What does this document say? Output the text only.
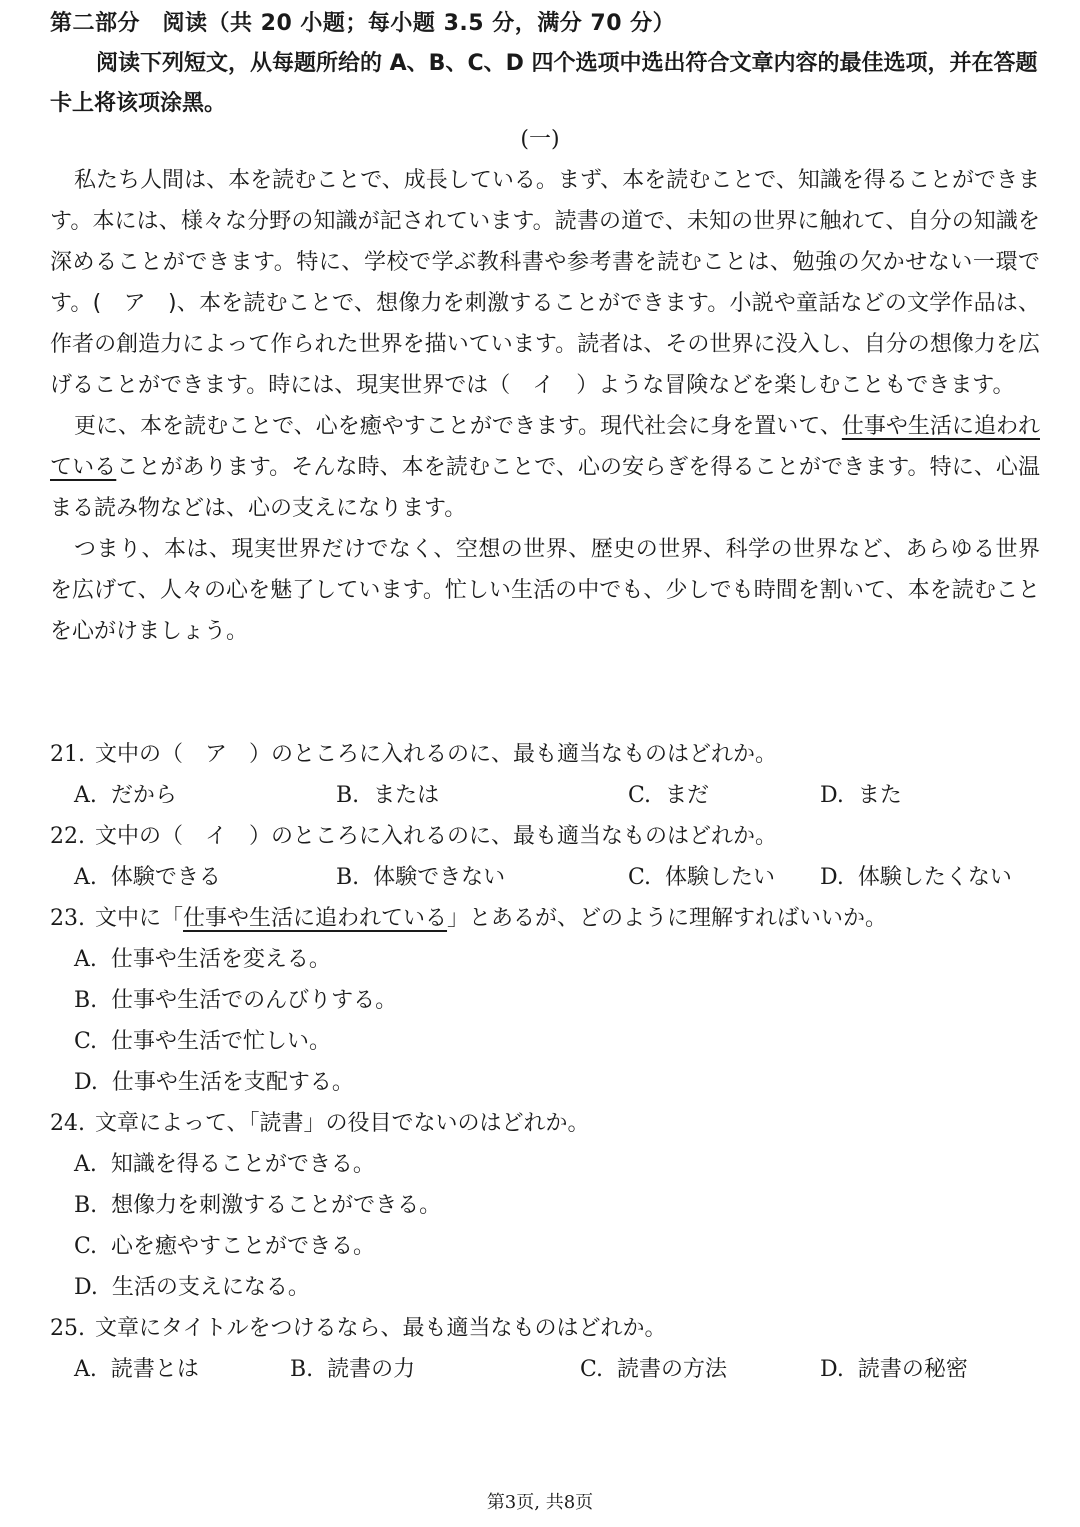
第二部分　阅读（共 20 小题；每小题 3.5 分，满分 70 分）
阅读下列短文，从每题所给的 A、B、C、D 四个选项中选出符合文章内容的最佳选项，并在答题卡上将该项涂黑。
(一)

私たち人間は、本を読むことで、成長している。まず、本を読むことで、知識を得ることができます。本には、様々な分野の知識が記されています。読書の道で、未知の世界に触れて、自分の知識を深めることができます。特に、学校で学ぶ教科書や参考書を読むことは、勉強の欠かせない一環です。(　ア　)、本を読むことで、想像力を刺激することができます。小説や童話などの文学作品は、作者の創造力によって作られた世界を描いています。読者は、その世界に没入し、自分の想像力を広げることができます。時には、現実世界では（　イ　）ような冒険などを楽しむこともできます。

更に、本を読むことで、心を癒やすことができます。現代社会に身を置いて、仕事や生活に追われていることがあります。そんな時、本を読むことで、心の安らぎを得ることができます。特に、心温まる読み物などは、心の支えになります。

つまり、本は、現実世界だけでなく、空想の世界、歴史の世界、科学の世界など、あらゆる世界を広げて、人々の心を魅了しています。忙しい生活の中でも、少しでも時間を割いて、本を読むことを心がけましょう。

21. 文中の（　ア　）のところに入れるのに、最も適当なものはどれか。
A. だから	B. または	C. まだ	D. また
22. 文中の（　イ　）のところに入れるのに、最も適当なものはどれか。
A. 体験できる	B. 体験できない	C. 体験したい D. 体験したくない
23. 文中に「仕事や生活に追われている」とあるが、どのように理解すればいいか。
A. 仕事や生活を変える。
B. 仕事や生活でのんびりする。
C. 仕事や生活で忙しい。
D. 仕事や生活を支配する。
24. 文章によって、「読書」の役目でないのはどれか。
A. 知識を得ることができる。
B. 想像力を刺激することができる。
C. 心を癒やすことができる。
D. 生活の支えになる。
25. 文章にタイトルをつけるなら、最も適当なものはどれか。
A. 読書とは	B. 読書の力	C. 読書の方法	D. 読書の秘密
第3页, 共8页
